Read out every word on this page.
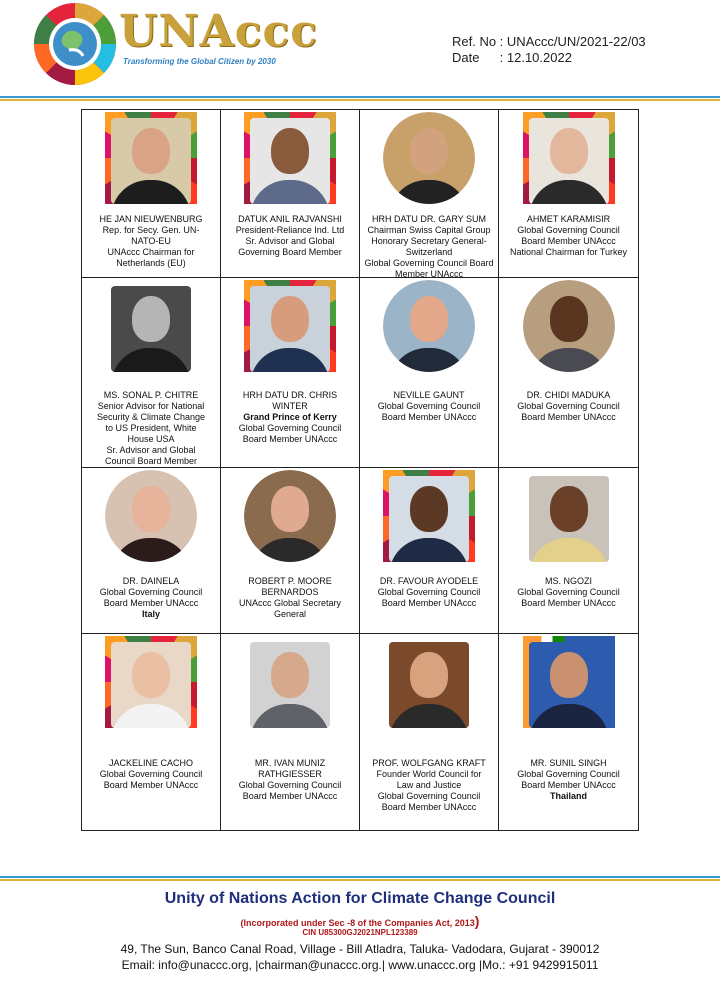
UNAccc
Transforming the Global Citizen by 2030
Ref. No : UNAccc/UN/2021-22/03
Date : 12.10.2022
HE JAN NIEUWENBURG
Rep. for Secy. Gen. UN-
NATO-EU
UNAccc Chairman for
Netherlands (EU)
DATUK ANIL RAJVANSHI
President-Reliance Ind. Ltd
Sr. Advisor and Global
Governing Board Member
HRH DATU DR. GARY SUM
Chairman Swiss Capital Group
Honorary Secretary General-
Switzerland
Global Governing Council Board
Member UNAccc
AHMET KARAMISIR
Global Governing Council
Board Member UNAccc
National Chairman for Turkey
MS. SONAL P. CHITRE
Senior Advisor for National
Security & Climate Change
to US President, White
House USA
Sr. Advisor and Global
Council Board Member
HRH DATU DR. CHRIS
WINTER
Grand Prince of Kerry
Global Governing Council
Board Member UNAccc
NEVILLE GAUNT
Global Governing Council
Board Member UNAccc
DR. CHIDI MADUKA
Global Governing Council
Board Member UNAccc
DR. DAINELA
Global Governing Council
Board Member UNAccc
Italy
ROBERT P. MOORE
BERNARDOS
UNAccc Global Secretary
General
DR. FAVOUR AYODELE
Global Governing Council
Board Member UNAccc
MS. NGOZI
Global Governing Council
Board Member UNAccc
JACKELINE CACHO
Global Governing Council
Board Member UNAccc
MR. IVAN MUNIZ
RATHGIESSER
Global Governing Council
Board Member UNAccc
PROF. WOLFGANG KRAFT
Founder World Council for
Law and Justice
Global Governing Council
Board Member UNAccc
MR. SUNIL SINGH
Global Governing Council
Board Member UNAccc
Thailand
Unity of Nations Action for Climate Change Council
(Incorporated under Sec -8 of the Companies Act, 2013)
CIN U85300GJ2021NPL123389
49, The Sun, Banco Canal Road, Village - Bill Atladra, Taluka- Vadodara, Gujarat - 390012
Email: info@unaccc.org, |chairman@unaccc.org.| www.unaccc.org |Mo.: +91 9429915011
